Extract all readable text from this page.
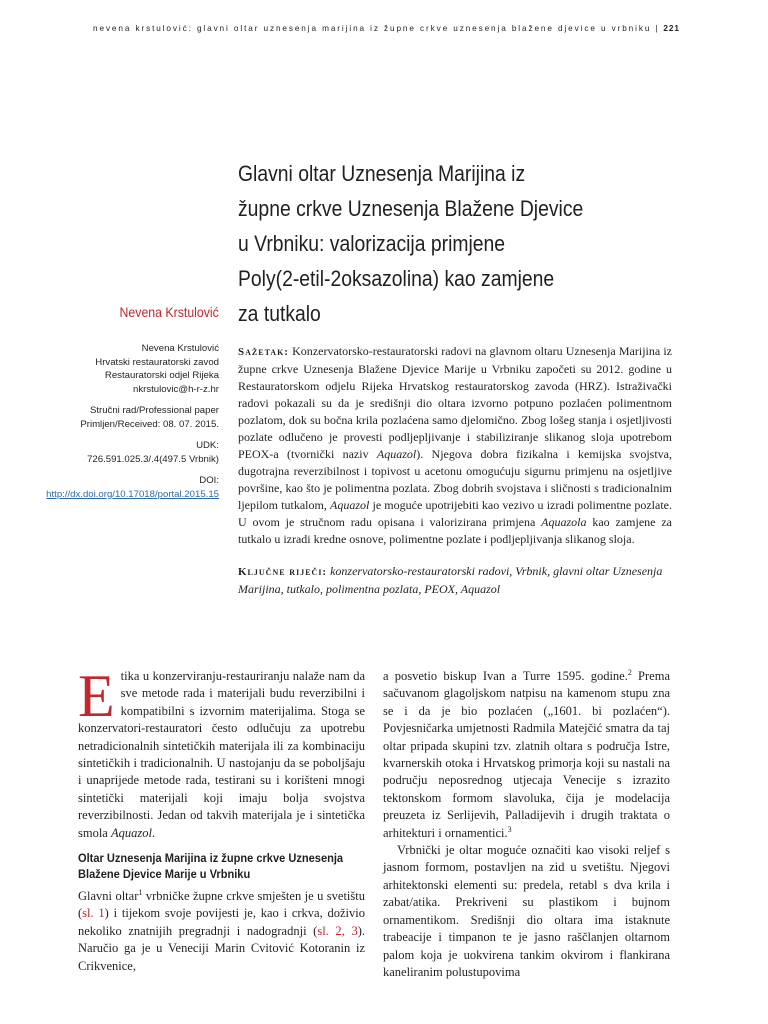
nevena krstulović: glavni oltar uznesenja marijina iz župne crkve uznesenja blažene djevice u vrbniku | 221
Glavni oltar Uznesenja Marijina iz
župne crkve Uznesenja Blažene Djevice
u Vrbniku: valorizacija primjene
Poly(2-etil-2oksazolina) kao zamjene
za tutkalo
Nevena Krstulović
Nevena Krstulović
Hrvatski restauratorski zavod
Restauratorski odjel Rijeka
nkrstulovic@h-r-z.hr
Stručni rad/Professional paper
Primljen/Received: 08. 07. 2015.
UDK:
726.591.025.3/.4(497.5 Vrbnik)
DOI:
http://dx.doi.org/10.17018/portal.2015.15
Sažetak: Konzervatorsko-restauratorski radovi na glavnom oltaru Uznesenja Marijina iz župne crkve Uznesenja Blažene Djevice Marije u Vrbniku započeti su 2012. godine u Restauratorskom odjelu Rijeka Hrvatskog restauratorskog zavoda (HRZ). Istraživački radovi pokazali su da je središnji dio oltara izvorno potpuno pozlaćen polimentnom pozlatom, dok su bočna krila pozlaćena samo djelomično. Zbog lošeg stanja i osjetljivosti pozlate odlučeno je provesti podljepljivanje i stabiliziranje slikanog sloja upotrebom PEOX-a (tvornički naziv Aquazol). Njegova dobra fizikalna i kemijska svojstva, dugotrajna reverzibilnost i topivost u acetonu omogućuju sigurnu primjenu na osjetljive površine, kao što je polimentna pozlata. Zbog dobrih svojstava i sličnosti s tradicionalnim ljepilom tutkalom, Aquazol je moguće upotrijebiti kao vezivo u izradi polimentne pozlate. U ovom je stručnom radu opisana i valorizirana primjena Aquazola kao zamjene za tutkalo u izradi kredne osnove, polimentne pozlate i podljepljivanja slikanog sloja.
Ključne riječi: konzervatorsko-restauratorski radovi, Vrbnik, glavni oltar Uznesenja Marijina, tutkalo, polimentna pozlata, PEOX, Aquazol

Etika u konzerviranju-restauriranju nalaže nam da sve metode rada i materijali budu reverzibilni i kompatibilni s izvornim materijalima. Stoga se konzervatori-restauratori često odlučuju za upotrebu netradicionalnih sintetičkih materijala ili za kombinaciju sintetičkih i tradicionalnih. U nastojanju da se poboljšaju i unaprijede metode rada, testirani su i korišteni mnogi sintetički materijali koji imaju bolja svojstva reverzibilnosti. Jedan od takvih materijala je i sintetička smola Aquazol.

Oltar Uznesenja Marijina iz župne crkve Uznesenja Blažene Djevice Marije u Vrbniku

Glavni oltar$^1$ vrbničke župne crkve smješten je u svetištu (sl. 1) i tijekom svoje povijesti je, kao i crkva, doživio nekoliko znatnijih pregradnji i nadogradnji (sl. 2, 3). Naručio ga je u Veneciji Marin Cvitović Kotoranin iz Crikvenice,

a posvetio biskup Ivan a Turre 1595. godine.$^2$ Prema sačuvanom glagoljskom natpisu na kamenom stupu zna se i da je bio pozlaćen („1601. bi pozlaćen“). Povjesničarka umjetnosti Radmila Matejčić smatra da taj oltar pripada skupini tzv. zlatnih oltara s područja Istre, kvarnerskih otoka i Hrvatskog primorja koji su nastali na području neposrednog utjecaja Venecije s izrazito tektonskom formom slavoluka, čija je modelacija preuzeta iz Serlijevih, Palladijevih i drugih traktata o arhitekturi i ornamentici.$^3$

Vrbnički je oltar moguće označiti kao visoki reljef s jasnom formom, postavljen na zid u svetištu. Njegovi arhitektonski elementi su: predela, retabl s dva krila i zabat/atika. Prekriveni su plastikom i bujnom ornamentikom. Središnji dio oltara ima istaknute trabeacije i timpanon te je jasno raščlanjen oltarnom palom koja je uokvirena tankim okvirom i flankirana kaneliranim polustupovima
